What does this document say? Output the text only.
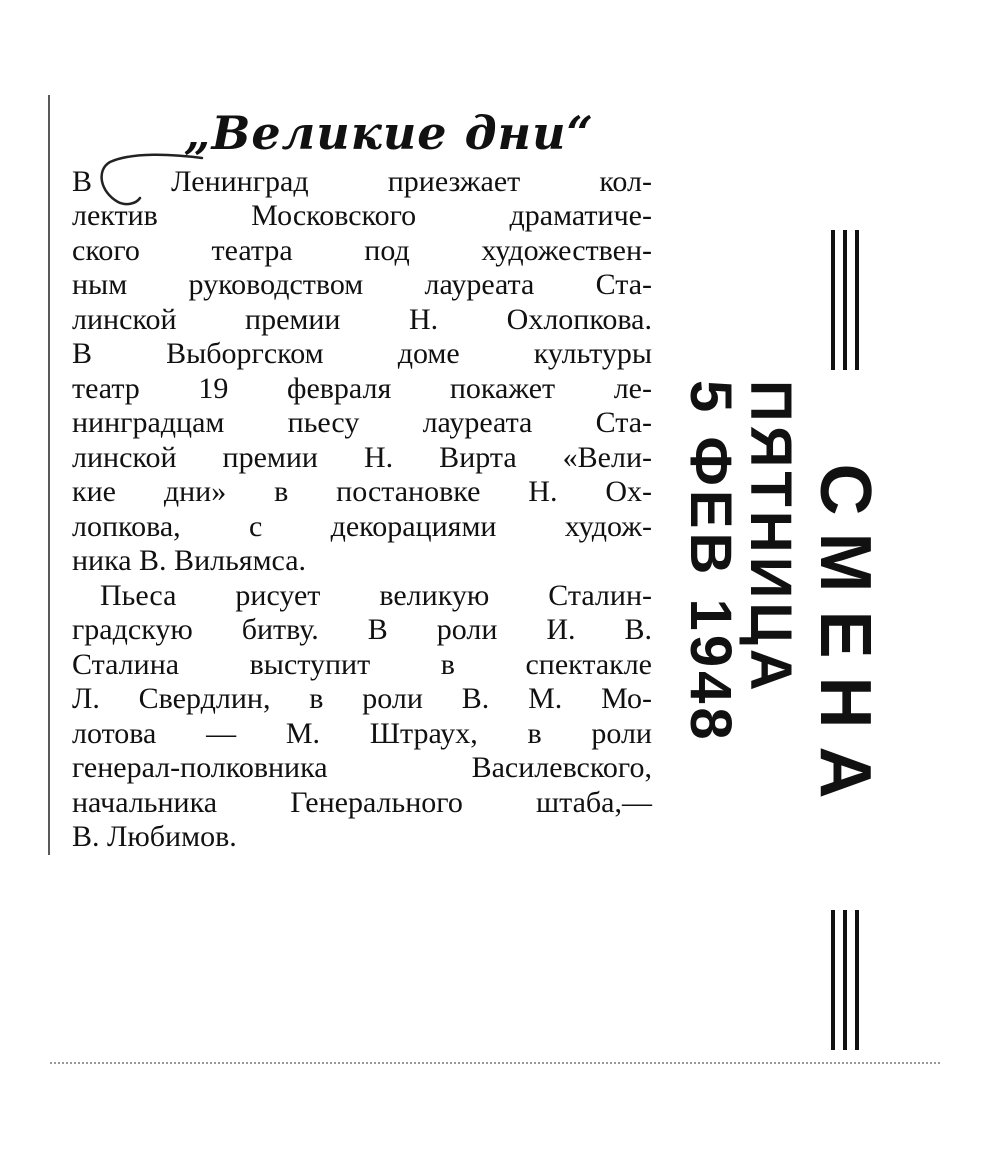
„Великие дни“
В Ленинград приезжает кол-
лектив Московского драматиче-
ского театра под художествен-
ным руководством лауреата Ста-
линской премии Н. Охлопкова.
В Выборгском доме культуры
театр 19 февраля покажет ле-
нинградцам пьесу лауреата Ста-
линской премии Н. Вирта «Вели-
кие дни» в постановке Н. Ох-
лопкова, с декорациями худож-
ника В. Вильямса.
Пьеса рисует великую Сталин-
градскую битву. В роли И. В.
Сталина выступит в спектакле
Л. Свердлин, в роли В. М. Мо-
лотова — М. Штраух, в роли
генерал-полковника Василевского,
начальника Генерального штаба,—
В. Любимов.
ПЯТНИЦА
5 ФЕВ 1948 СМЕНА
